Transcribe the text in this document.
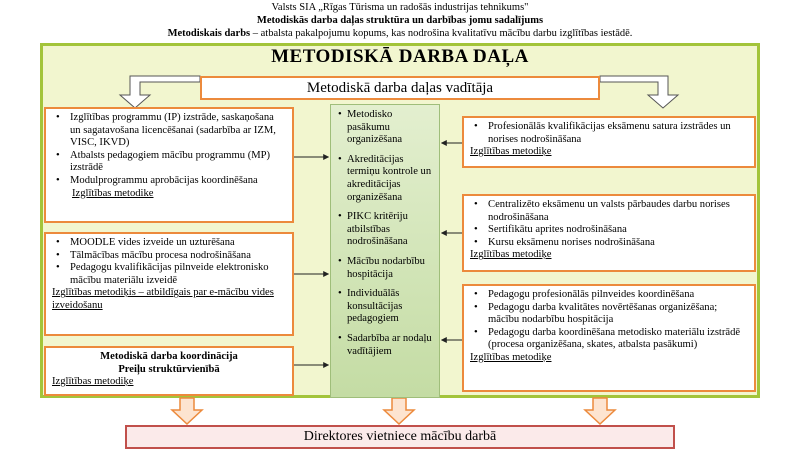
Valsts SIA „Rīgas Tūrisma un radošās industrijas tehnikums"
Metodiskās darba daļas struktūra un darbības jomu sadalījums
Metodiskais darbs – atbalsta pakalpojumu kopums, kas nodrošina kvalitatīvu mācību darbu izglītības iestādē.
METODISKĀ DARBA DAĻA
Metodiskā darba daļas vadītāja
• Izglītības programmu (IP) izstrāde, saskaņošana un sagatavošana licencēšanai (sadarbība ar IZM, VISC, IKVD)
• Atbalsts pedagogiem mācību programmu (MP) izstrādē
• Modulprogrammu aprobācijas koordinēšana
Izglītības metodike
• MOODLE vides izveide un uzturēšana
• Tālmācības mācību procesa nodrošināšana
• Pedagogu kvalifikācijas pilnveide elektronisko mācību materiālu izveidē
Izglītības metodiķis – atbildīgais par e-mācību vides izveidošanu
Metodiskā darba koordinācija
Preiļu struktūrvienībā
Izglītības metodiķe
• Metodisko pasākumu organizēšana
• Akreditācijas termiņu kontrole un akreditācijas organizēšana
• PIKC kritēriju atbilstības nodrošināšana
• Mācību nodarbību hospitācija
• Individuālās konsultācijas pedagogiem
• Sadarbība ar nodaļu vadītājiem
• Profesionālās kvalifikācijas eksāmenu satura izstrādes un norises nodrošināšana
Izglītības metodiķe
• Centralizēto eksāmenu un valsts pārbaudes darbu norises nodrošināšana
• Sertifikātu aprites nodrošināšana
• Kursu eksāmenu norises nodrošināšana
Izglītības metodiķe
• Pedagogu profesionālās pilnveides koordinēšana
• Pedagogu darba kvalitātes novērtēšanas organizēšana; mācību nodarbību hospitācija
• Pedagogu darba koordinēšana metodisko materiālu izstrādē (procesa organizēšana, skates, atbalsta pasākumi)
Izglītības metodiķe
Direktores vietniece mācību darbā
